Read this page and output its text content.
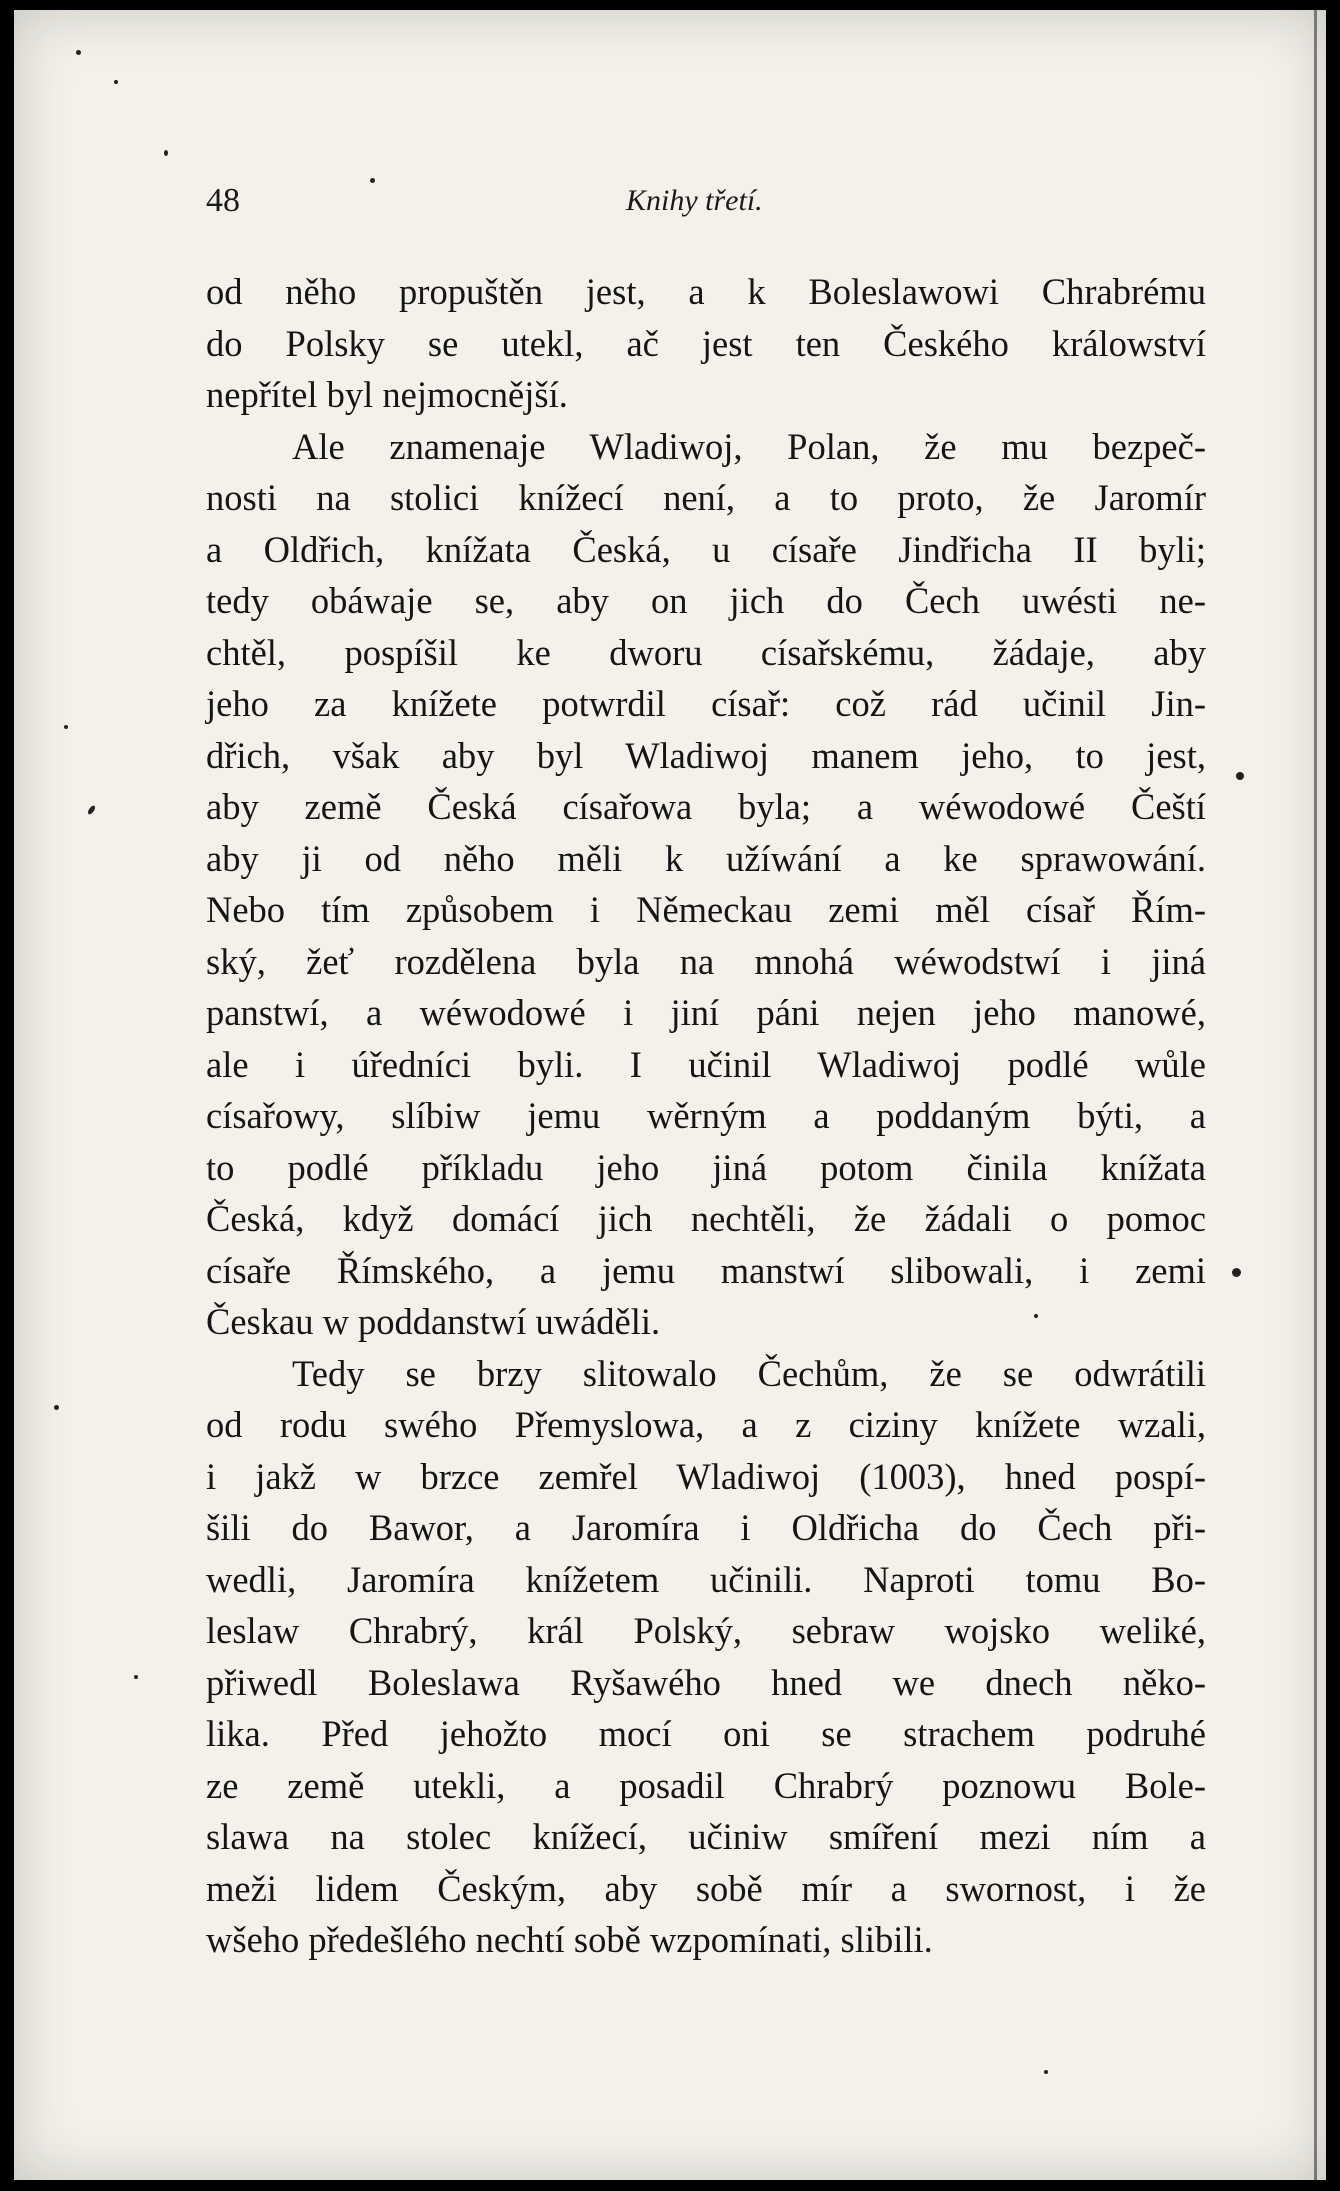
48	Knihy třetí.
od něho propuštěn jest, a k Boleslawowi Chrabrému
do Polsky se utekl, ač jest ten Českého králowství
nepřítel byl nejmocnější.
Ale znamenaje Wladiwoj, Polan, že mu bezpeč-
nosti na stolici knížecí není, a to proto, že Jaromír
a Oldřich, knížata Česká, u císaře Jindřicha II byli;
tedy obáwaje se, aby on jich do Čech uwésti ne-
chtěl, pospíšil ke dworu císařskému, žádaje, aby
jeho za knížete potwrdil císař: což rád učinil Jin-
dřich, však aby byl Wladiwoj manem jeho, to jest,
aby země Česká císařowa byla; a wéwodowé Čeští
aby ji od něho měli k užíwání a ke sprawowání.
Nebo tím způsobem i Německau zemi měl císař Řím-
ský, žeť rozdělena byla na mnohá wéwodstwí i jiná
panstwí, a wéwodowé i jiní páni nejen jeho manowé,
ale i úředníci byli. I učinil Wladiwoj podlé wůle
císařowy, slíbiw jemu wěrným a poddaným býti, a
to podlé příkladu jeho jiná potom činila knížata
Česká, když domácí jich nechtěli, že žádali o pomoc
císaře Římského, a jemu manstwí slibowali, i zemi
Českau w poddanstwí uwáděli.
Tedy se brzy slitowalo Čechům, že se odwrátili
od rodu swého Přemyslowa, a z ciziny knížete wzali,
i jakž w brzce zemřel Wladiwoj (1003), hned pospí-
šili do Bawor, a Jaromíra i Oldřicha do Čech při-
wedli, Jaromíra knížetem učinili. Naproti tomu Bo-
leslaw Chrabrý, král Polský, sebraw wojsko weliké,
přiwedl Boleslawa Ryšawého hned we dnech něko-
lika. Před jehožto mocí oni se strachem podruhé
ze země utekli, a posadil Chrabrý poznowu Bole-
slawa na stolec knížecí, učiniw smíření mezi ním a
meži lidem Českým, aby sobě mír a swornost, i že
wšeho předešlého nechtí sobě wzpomínati, slibili.
